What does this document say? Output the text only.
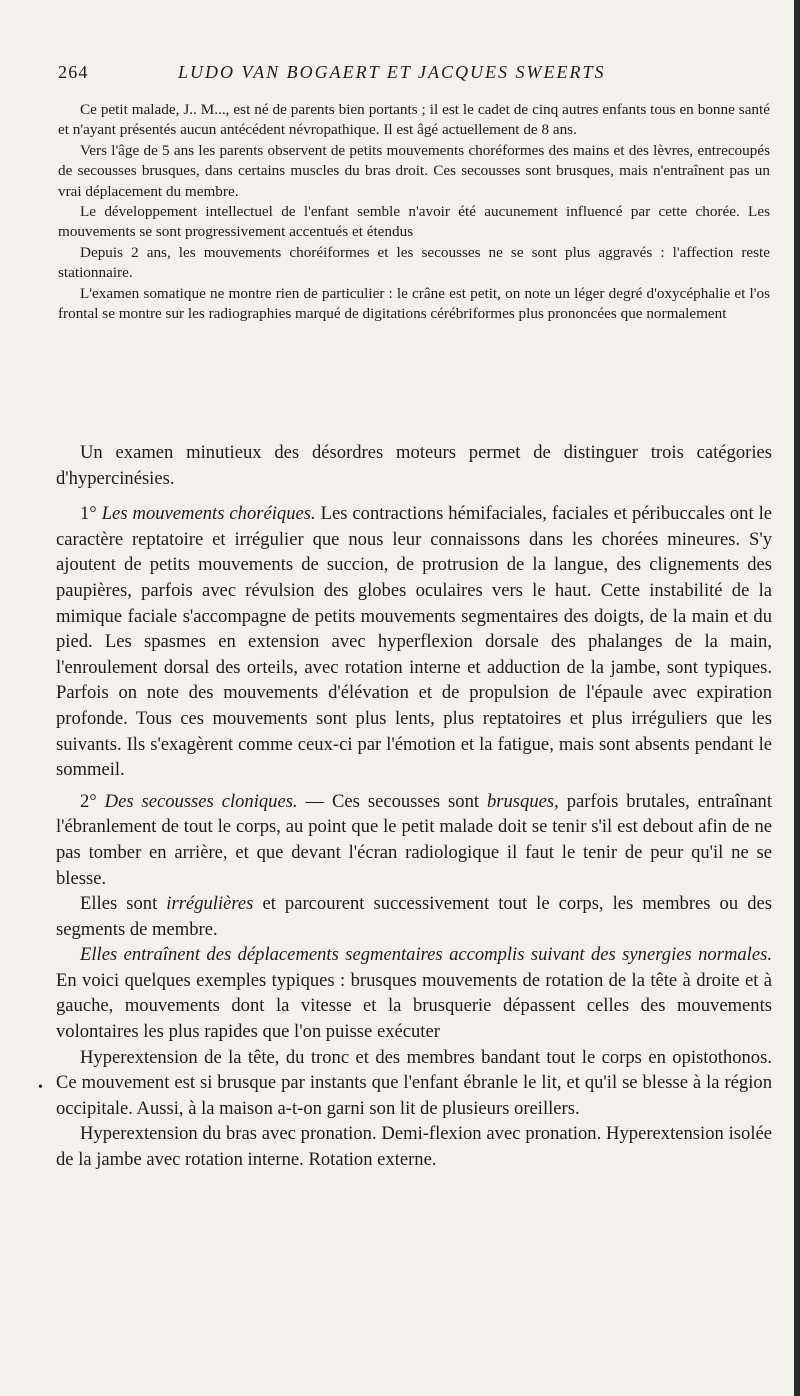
264	LUDO VAN BOGAERT ET JACQUES SWEERTS

Ce petit malade, J.. M..., est né de parents bien portants ; il est le cadet de cinq autres enfants tous en bonne santé et n'ayant présentés aucun antécédent névropathique. Il est âgé actuellement de 8 ans.

Vers l'âge de 5 ans les parents observent de petits mouvements choréformes des mains et des lèvres, entrecoupés de secousses brusques, dans certains muscles du bras droit. Ces secousses sont brusques, mais n'entraînent pas un vrai déplacement du membre.

Le développement intellectuel de l'enfant semble n'avoir été aucunement influencé par cette chorée. Les mouvements se sont progressivement accentués et étendus

Depuis 2 ans, les mouvements choréiformes et les secousses ne se sont plus aggravés : l'affection reste stationnaire.

L'examen somatique ne montre rien de particulier : le crâne est petit, on note un léger degré d'oxycéphalie et l'os frontal se montre sur les radiographies marqué de digitations cérébriformes plus prononcées que normalement

Un examen minutieux des désordres moteurs permet de distinguer trois catégories d'hypercinésies.

1° Les mouvements choréiques. Les contractions hémifaciales, faciales et péribuccales ont le caractère reptatoire et irrégulier que nous leur connaissons dans les chorées mineures. S'y ajoutent de petits mouvements de succion, de protrusion de la langue, des clignements des paupières, parfois avec révulsion des globes oculaires vers le haut. Cette instabilité de la mimique faciale s'accompagne de petits mouvements segmentaires des doigts, de la main et du pied. Les spasmes en extension avec hyperflexion dorsale des phalanges de la main, l'enroulement dorsal des orteils, avec rotation interne et adduction de la jambe, sont typiques. Parfois on note des mouvements d'élévation et de propulsion de l'épaule avec expiration profonde. Tous ces mouvements sont plus lents, plus reptatoires et plus irréguliers que les suivants. Ils s'exagèrent comme ceux-ci par l'émotion et la fatigue, mais sont absents pendant le sommeil.

2° Des secousses cloniques. — Ces secousses sont brusques, parfois brutales, entraînant l'ébranlement de tout le corps, au point que le petit malade doit se tenir s'il est debout afin de ne pas tomber en arrière, et que devant l'écran radiologique il faut le tenir de peur qu'il ne se blesse.

Elles sont irrégulières et parcourent successivement tout le corps, les membres ou des segments de membre.

Elles entraînent des déplacements segmentaires accomplis suivant des synergies normales. En voici quelques exemples typiques : brusques mouvements de rotation de la tête à droite et à gauche, mouvements dont la vitesse et la brusquerie dépassent celles des mouvements volontaires les plus rapides que l'on puisse exécuter

Hyperextension de la tête, du tronc et des membres bandant tout le corps en opistothonos. Ce mouvement est si brusque par instants que l'enfant ébranle le lit, et qu'il se blesse à la région occipitale. Aussi, à la maison a-t-on garni son lit de plusieurs oreillers.

Hyperextension du bras avec pronation. Demi-flexion avec pronation. Hyperextension isolée de la jambe avec rotation interne. Rotation externe.

•
